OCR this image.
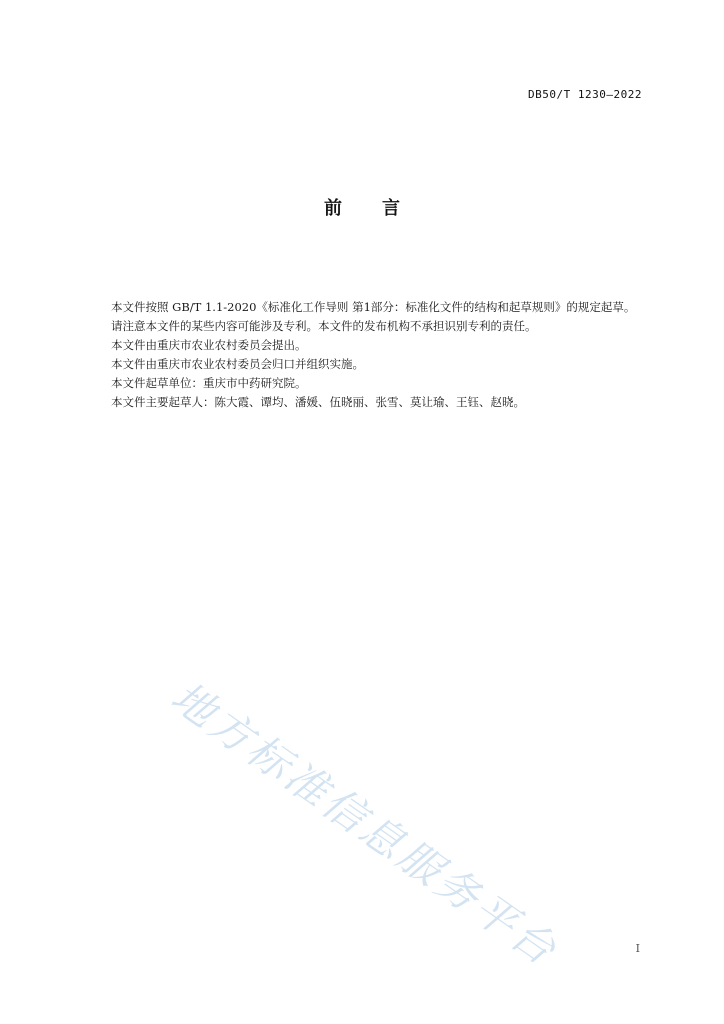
DB50/T 1230—2022
前 言

本文件按照 GB/T 1.1-2020《标准化工作导则 第1部分：标准化文件的结构和起草规则》的规定起草。

请注意本文件的某些内容可能涉及专利。本文件的发布机构不承担识别专利的责任。

本文件由重庆市农业农村委员会提出。

本文件由重庆市农业农村委员会归口并组织实施。

本文件起草单位：重庆市中药研究院。

本文件主要起草人：陈大霞、谭均、潘媛、伍晓丽、张雪、莫让瑜、王钰、赵晓。

地方标准信息服务平台	I
